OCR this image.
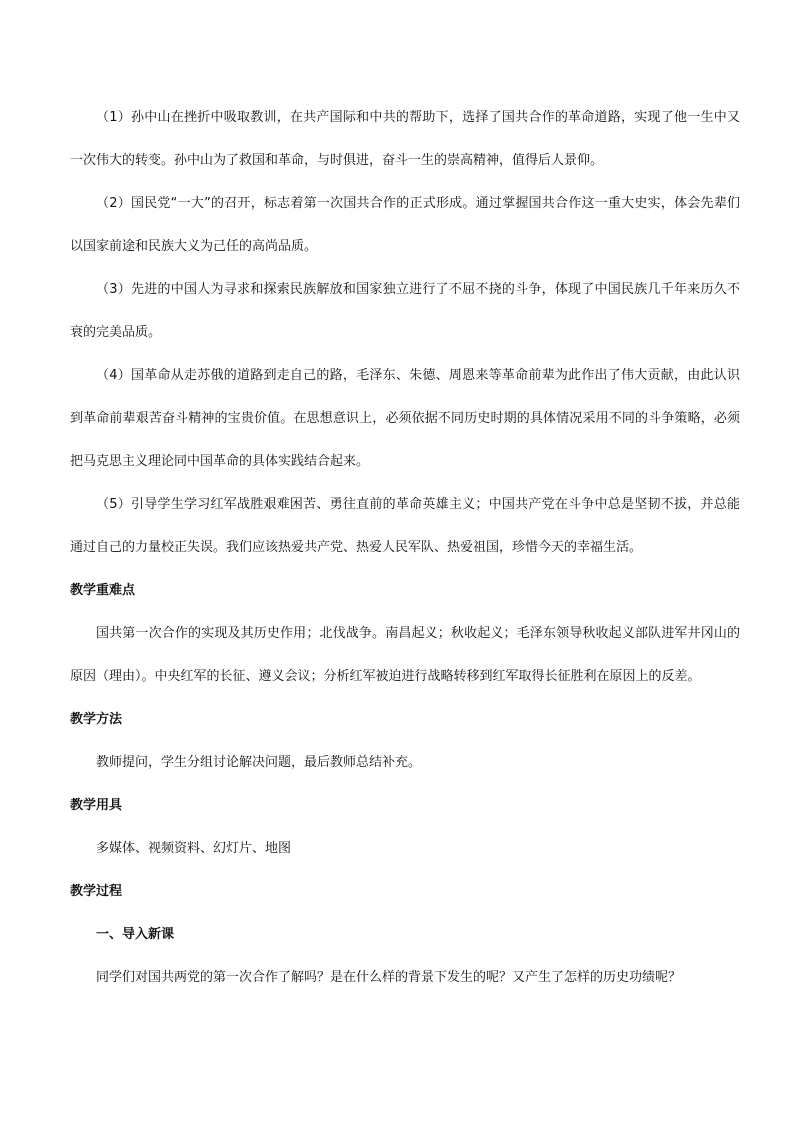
（1）孙中山在挫折中吸取教训，在共产国际和中共的帮助下，选择了国共合作的革命道路，实现了他一生中又一次伟大的转变。孙中山为了救国和革命，与时俱进，奋斗一生的崇高精神，值得后人景仰。

（2）国民党“一大”的召开，标志着第一次国共合作的正式形成。通过掌握国共合作这一重大史实，体会先辈们以国家前途和民族大义为己任的高尚品质。

（3）先进的中国人为寻求和探索民族解放和国家独立进行了不屈不挠的斗争，体现了中国民族几千年来历久不衰的完美品质。

（4）国革命从走苏俄的道路到走自己的路，毛泽东、朱德、周恩来等革命前辈为此作出了伟大贡献，由此认识到革命前辈艰苦奋斗精神的宝贵价值。在思想意识上，必须依据不同历史时期的具体情况采用不同的斗争策略，必须把马克思主义理论同中国革命的具体实践结合起来。

（5）引导学生学习红军战胜艰难困苦、勇往直前的革命英雄主义；中国共产党在斗争中总是坚韧不拔，并总能通过自己的力量校正失误。我们应该热爱共产党、热爱人民军队、热爱祖国，珍惜今天的幸福生活。

教学重难点

国共第一次合作的实现及其历史作用；北伐战争。南昌起义；秋收起义；毛泽东领导秋收起义部队进军井冈山的原因（理由）。中央红军的长征、遵义会议；分析红军被迫进行战略转移到红军取得长征胜利在原因上的反差。

教学方法

教师提问，学生分组讨论解决问题，最后教师总结补充。

教学用具

多媒体、视频资料、幻灯片、地图

教学过程

一、导入新课

同学们对国共两党的第一次合作了解吗？是在什么样的背景下发生的呢？又产生了怎样的历史功绩呢？
